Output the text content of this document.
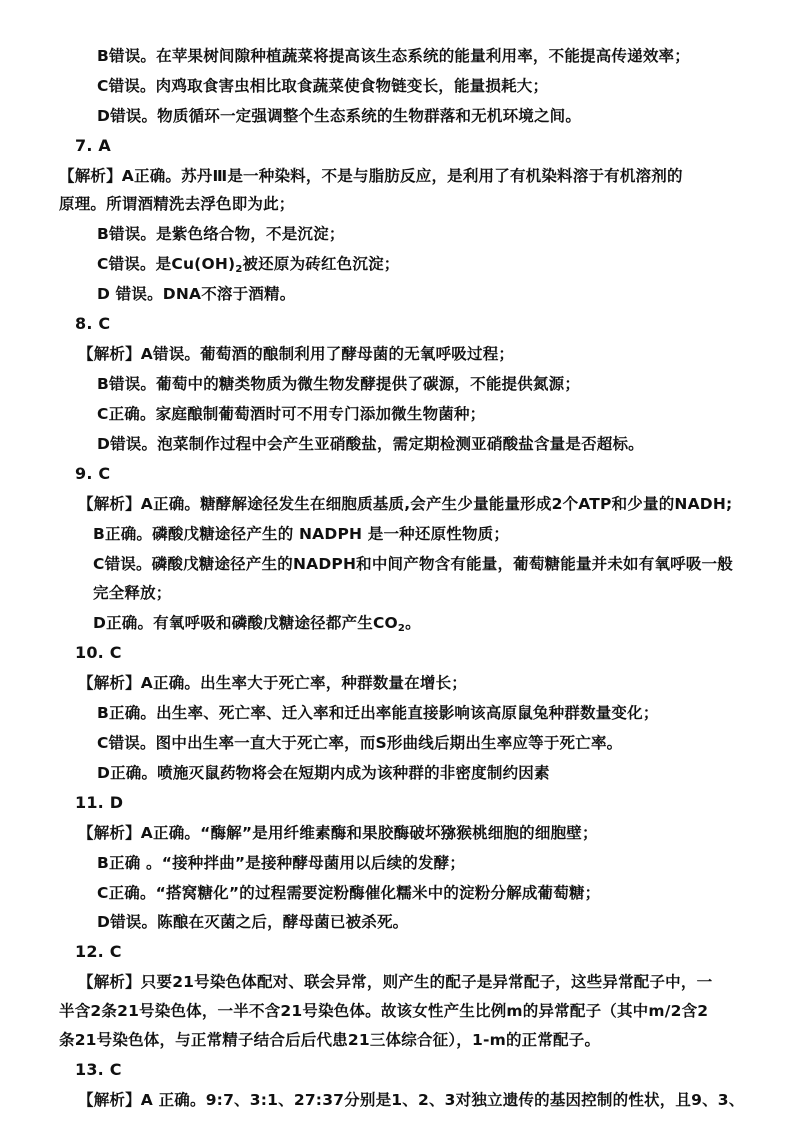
B错误。在苹果树间隙种植蔬菜将提高该生态系统的能量利用率，不能提高传递效率；
C错误。肉鸡取食害虫相比取食蔬菜使食物链变长，能量损耗大；
D错误。物质循环一定强调整个生态系统的生物群落和无机环境之间。
7. A
【解析】A正确。苏丹Ⅲ是一种染料，不是与脂肪反应，是利用了有机染料溶于有机溶剂的
原理。所谓酒精洗去浮色即为此；
B错误。是紫色络合物，不是沉淀；
C错误。是$Cu(OH)_2$被还原为砖红色沉淀；
D 错误。DNA不溶于酒精。
8. C
【解析】A错误。葡萄酒的酿制利用了酵母菌的无氧呼吸过程；
B错误。葡萄中的糖类物质为微生物发酵提供了碳源，不能提供氮源；
C正确。家庭酿制葡萄酒时可不用专门添加微生物菌种；
D错误。泡菜制作过程中会产生亚硝酸盐，需定期检测亚硝酸盐含量是否超标。
9. C
【解析】A正确。糖酵解途径发生在细胞质基质,会产生少量能量形成2个ATP和少量的NADH;
B正确。磷酸戊糖途径产生的 NADPH 是一种还原性物质；
C错误。磷酸戊糖途径产生的NADPH和中间产物含有能量，葡萄糖能量并未如有氧呼吸一般
完全释放；
D正确。有氧呼吸和磷酸戊糖途径都产生$CO_2$。
10. C
【解析】A正确。出生率大于死亡率，种群数量在增长；
B正确。出生率、死亡率、迁入率和迁出率能直接影响该高原鼠兔种群数量变化；
C错误。图中出生率一直大于死亡率，而S形曲线后期出生率应等于死亡率。
D正确。喷施灭鼠药物将会在短期内成为该种群的非密度制约因素
11. D
【解析】A正确。“酶解”是用纤维素酶和果胶酶破坏猕猴桃细胞的细胞壁；
B正确 。“接种拌曲”是接种酵母菌用以后续的发酵；
C正确。“搭窝糖化”的过程需要淀粉酶催化糯米中的淀粉分解成葡萄糖；
D错误。陈酿在灭菌之后，酵母菌已被杀死。
12. C
【解析】只要21号染色体配对、联会异常，则产生的配子是异常配子，这些异常配子中，一
半含2条21号染色体，一半不含21号染色体。故该女性产生比例m的异常配子（其中m/2含2
条21号染色体，与正常精子结合后后代患21三体综合征），1-m的正常配子。
13. C
【解析】A 正确。9:7、3:1、27:37分别是1、2、3对独立遗传的基因控制的性状，且9、3、
